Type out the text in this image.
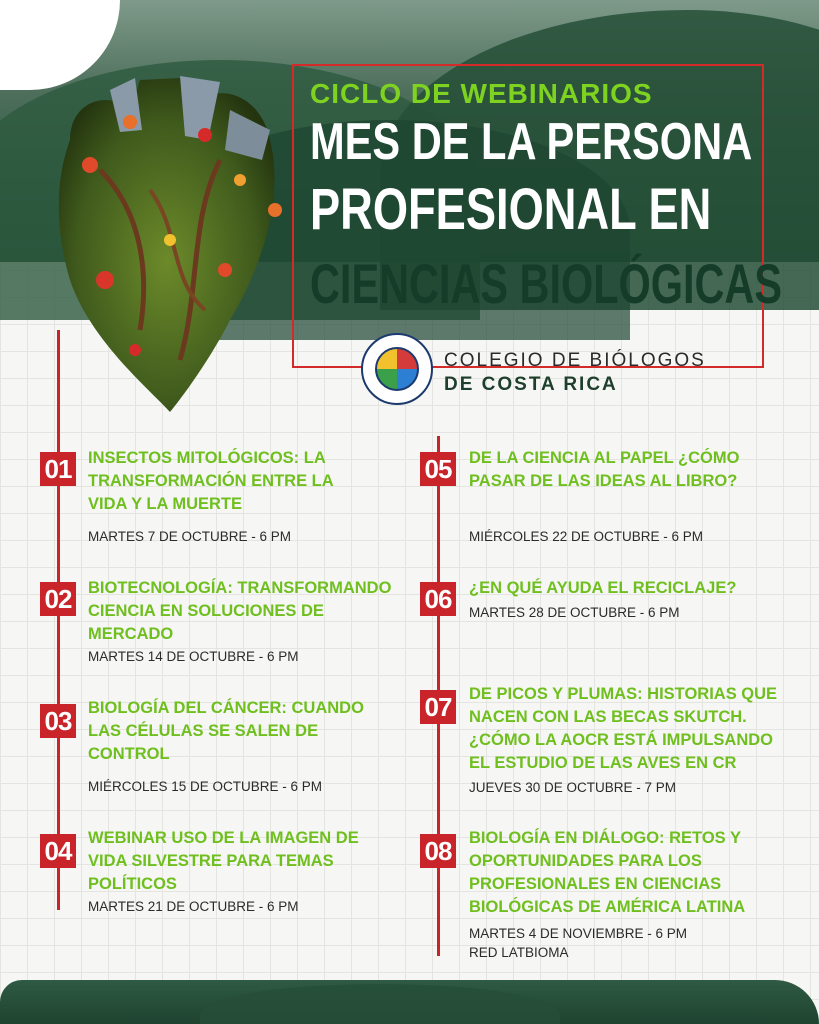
CICLO DE WEBINARIOS
MES DE LA PERSONA
PROFESIONAL EN
CIENCIAS BIOLÓGICAS
COLEGIO DE BIÓLOGOS
DE COSTA RICA
01 INSECTOS MITOLÓGICOS: LA TRANSFORMACIÓN ENTRE LA VIDA Y LA MUERTE
MARTES 7 DE OCTUBRE - 6 PM
02 BIOTECNOLOGÍA: TRANSFORMANDO CIENCIA EN SOLUCIONES DE MERCADO
MARTES 14 DE OCTUBRE - 6 PM
03 BIOLOGÍA DEL CÁNCER: CUANDO LAS CÉLULAS SE SALEN DE CONTROL
MIÉRCOLES 15 DE OCTUBRE - 6 PM
04 WEBINAR USO DE LA IMAGEN DE VIDA SILVESTRE PARA TEMAS POLÍTICOS
MARTES 21 DE OCTUBRE - 6 PM
05 DE LA CIENCIA AL PAPEL ¿CÓMO PASAR DE LAS IDEAS AL LIBRO?
MIÉRCOLES 22 DE OCTUBRE - 6 PM
06 ¿EN QUÉ AYUDA EL RECICLAJE?
MARTES 28 DE OCTUBRE - 6 PM
07 DE PICOS Y PLUMAS: HISTORIAS QUE NACEN CON LAS BECAS SKUTCH. ¿CÓMO LA AOCR ESTÁ IMPULSANDO EL ESTUDIO DE LAS AVES EN CR
JUEVES 30 DE OCTUBRE - 7 PM
08 BIOLOGÍA EN DIÁLOGO: RETOS Y OPORTUNIDADES PARA LOS PROFESIONALES EN CIENCIAS BIOLÓGICAS DE AMÉRICA LATINA
MARTES 4 DE NOVIEMBRE - 6 PM
RED LATBIOMA
